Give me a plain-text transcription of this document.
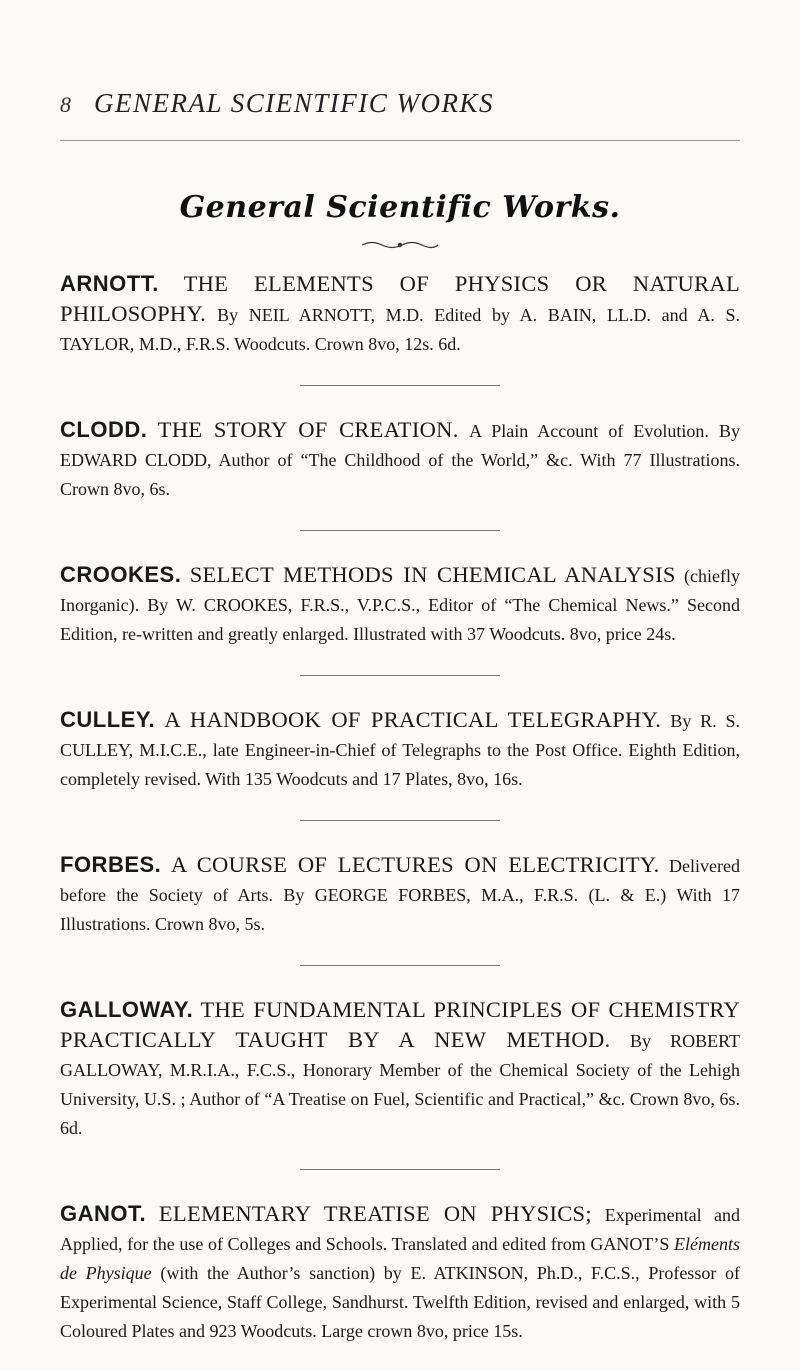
8 GENERAL SCIENTIFIC WORKS
General Scientific Works.

ARNOTT. THE ELEMENTS OF PHYSICS OR NATURAL PHILOSOPHY. By NEIL ARNOTT, M.D. Edited by A. BAIN, LL.D. and A. S. TAYLOR, M.D., F.R.S. Woodcuts. Crown 8vo, 12s. 6d.

CLODD. THE STORY OF CREATION. A Plain Account of Evolution. By EDWARD CLODD, Author of “The Childhood of the World,” &c. With 77 Illustrations. Crown 8vo, 6s.

CROOKES. SELECT METHODS IN CHEMICAL ANALYSIS (chiefly Inorganic). By W. CROOKES, F.R.S., V.P.C.S., Editor of “The Chemical News.” Second Edition, re-written and greatly enlarged. Illustrated with 37 Woodcuts. 8vo, price 24s.

CULLEY. A HANDBOOK OF PRACTICAL TELEGRAPHY. By R. S. CULLEY, M.I.C.E., late Engineer-in-Chief of Telegraphs to the Post Office. Eighth Edition, completely revised. With 135 Woodcuts and 17 Plates, 8vo, 16s.

FORBES. A COURSE OF LECTURES ON ELECTRICITY. Delivered before the Society of Arts. By GEORGE FORBES, M.A., F.R.S. (L. & E.) With 17 Illustrations. Crown 8vo, 5s.

GALLOWAY. THE FUNDAMENTAL PRINCIPLES OF CHEMISTRY PRACTICALLY TAUGHT BY A NEW METHOD. By ROBERT GALLOWAY, M.R.I.A., F.C.S., Honorary Member of the Chemical Society of the Lehigh University, U.S. ; Author of “A Treatise on Fuel, Scientific and Practical,” &c. Crown 8vo, 6s. 6d.

GANOT. ELEMENTARY TREATISE ON PHYSICS; Experimental and Applied, for the use of Colleges and Schools. Translated and edited from GANOT’S Eléments de Physique (with the Author’s sanction) by E. ATKINSON, Ph.D., F.C.S., Professor of Experimental Science, Staff College, Sandhurst. Twelfth Edition, revised and enlarged, with 5 Coloured Plates and 923 Woodcuts. Large crown 8vo, price 15s.
